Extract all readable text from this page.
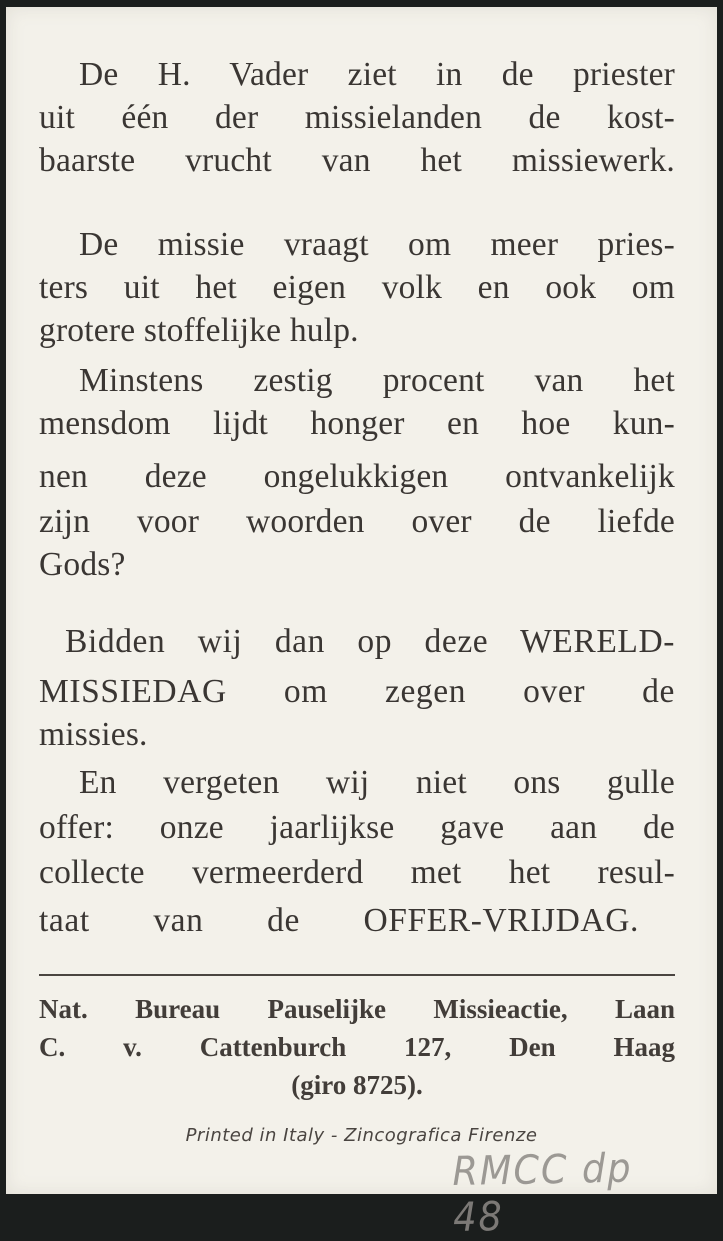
De H. Vader ziet in de priester
uit één der missielanden de kost-
baarste vrucht van het missiewerk.
De missie vraagt om meer pries-
ters uit het eigen volk en ook om
grotere stoffelijke hulp.
Minstens zestig procent van het
mensdom lijdt honger en hoe kun-
nen deze ongelukkigen ontvankelijk
zijn voor woorden over de liefde
Gods?
Bidden wij dan op deze WERELD-
MISSIEDAG om zegen over de
missies.
En vergeten wij niet ons gulle
offer: onze jaarlijkse gave aan de
collecte vermeerderd met het resul-
taat van de OFFER-VRIJDAG.
Nat. Bureau Pauselijke Missieactie, Laan
C. v. Cattenburch 127, Den Haag
(giro 8725).
Printed in Italy - Zincografica Firenze
RMCC dp 48
